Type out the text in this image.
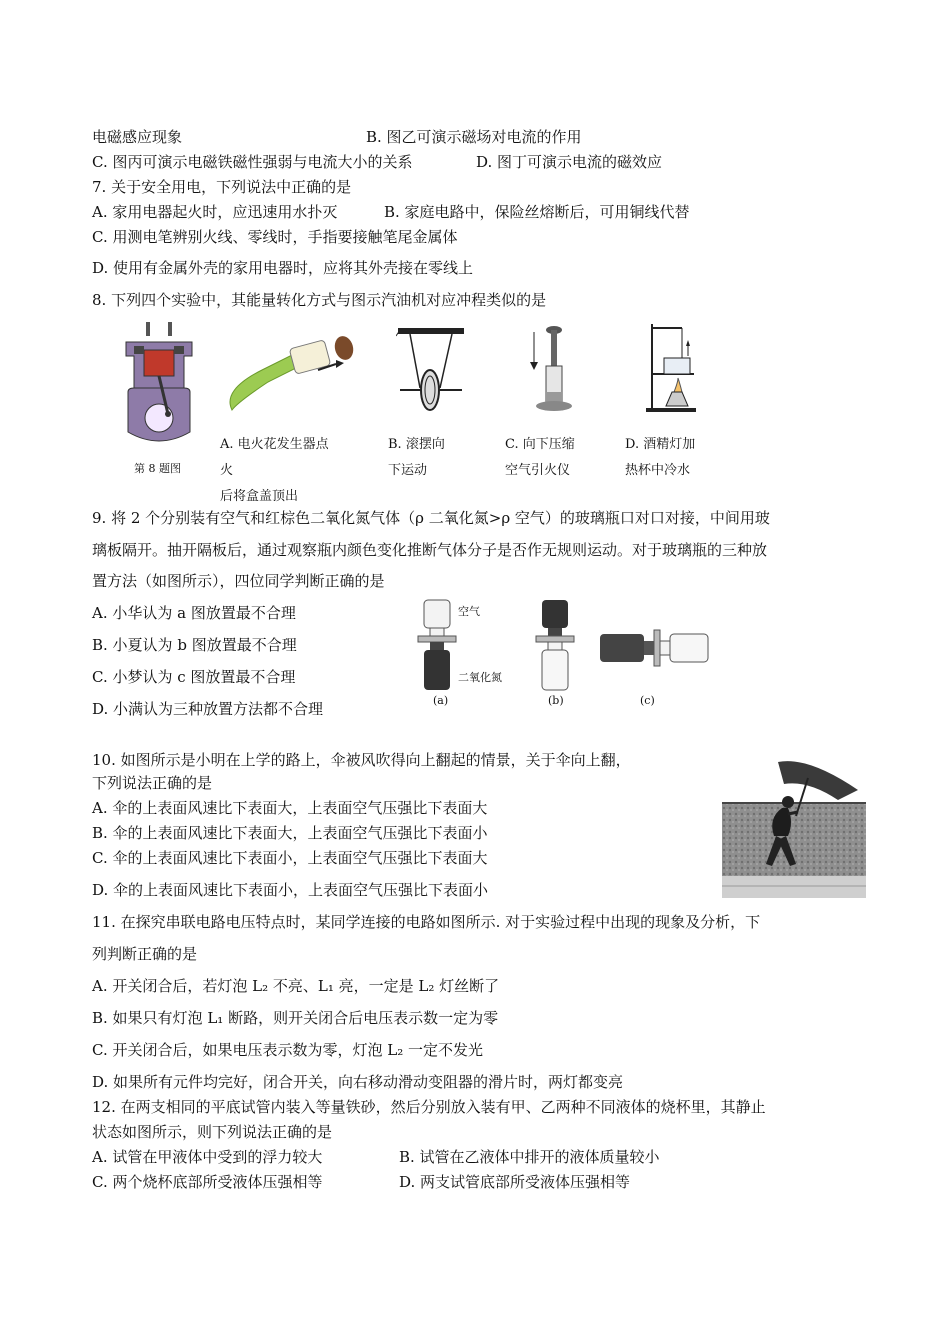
电磁感应现象	B. 图乙可演示磁场对电流的作用
C. 图丙可演示电磁铁磁性强弱与电流大小的关系	D. 图丁可演示电流的磁效应
7. 关于安全用电，下列说法中正确的是
A. 家用电器起火时，应迅速用水扑灭	B. 家庭电路中，保险丝熔断后，可用铜线代替
C. 用测电笔辨别火线、零线时，手指要接触笔尾金属体
D. 使用有金属外壳的家用电器时，应将其外壳接在零线上
8. 下列四个实验中，其能量转化方式与图示汽油机对应冲程类似的是
第 8 题图
A. 电火花发生器点
火
后将盒盖顶出
B. 滚摆向
下运动
C. 向下压缩
空气引火仪
D. 酒精灯加
热杯中冷水
9. 将 2 个分别装有空气和红棕色二氧化氮气体（ρ 二氧化氮>ρ 空气）的玻璃瓶口对口对接，中间用玻
璃板隔开。抽开隔板后，通过观察瓶内颜色变化推断气体分子是否作无规则运动。对于玻璃瓶的三种放
置方法（如图所示），四位同学判断正确的是
A. 小华认为 a 图放置最不合理
B. 小夏认为 b 图放置最不合理
C. 小梦认为 c 图放置最不合理
D. 小满认为三种放置方法都不合理
空气
二氧化氮
(a)	(b)	(c)
10. 如图所示是小明在上学的路上，伞被风吹得向上翻起的情景，关于伞向上翻，
下列说法正确的是
A. 伞的上表面风速比下表面大，上表面空气压强比下表面大
B. 伞的上表面风速比下表面大，上表面空气压强比下表面小
C. 伞的上表面风速比下表面小，上表面空气压强比下表面大
D. 伞的上表面风速比下表面小，上表面空气压强比下表面小
11. 在探究串联电路电压特点时，某同学连接的电路如图所示. 对于实验过程中出现的现象及分析，下
列判断正确的是
A. 开关闭合后，若灯泡 L₂ 不亮、L₁ 亮，一定是 L₂ 灯丝断了
B. 如果只有灯泡 L₁ 断路，则开关闭合后电压表示数一定为零
C. 开关闭合后，如果电压表示数为零，灯泡 L₂ 一定不发光
D. 如果所有元件均完好，闭合开关，向右移动滑动变阻器的滑片时，两灯都变亮
12. 在两支相同的平底试管内装入等量铁砂，然后分别放入装有甲、乙两种不同液体的烧杯里，其静止
状态如图所示，则下列说法正确的是
A. 试管在甲液体中受到的浮力较大	B. 试管在乙液体中排开的液体质量较小
C. 两个烧杯底部所受液体压强相等	D. 两支试管底部所受液体压强相等
